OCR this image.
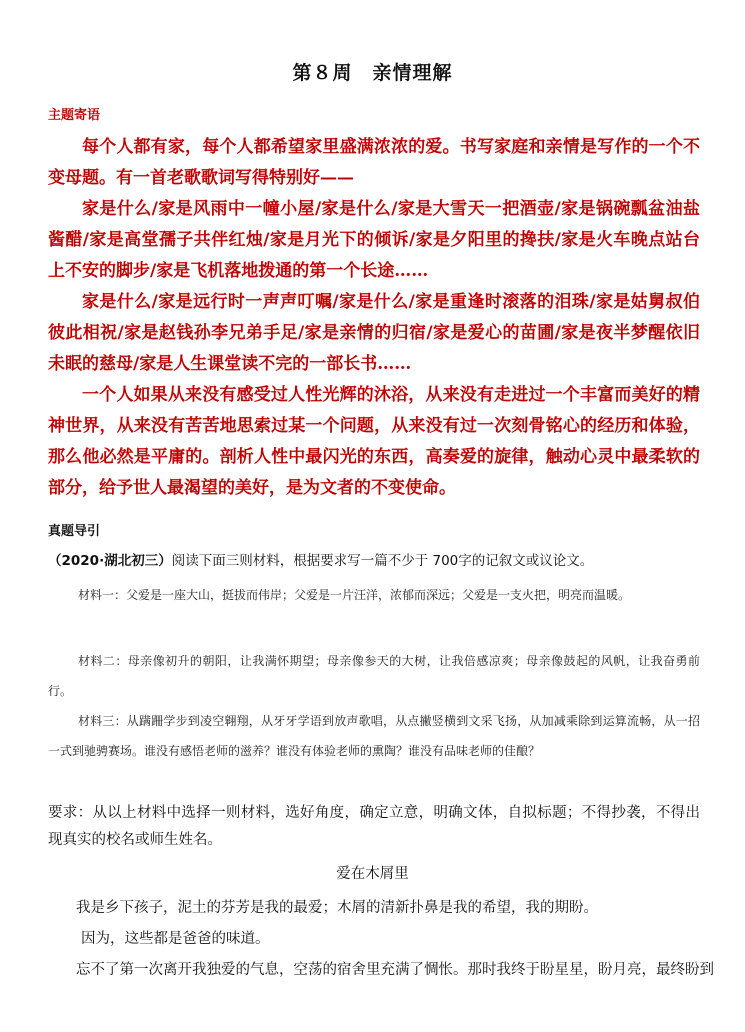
第８周　亲情理解
主题寄语

每个人都有家，每个人都希望家里盛满浓浓的爱。书写家庭和亲情是写作的一个不变母题。有一首老歌歌词写得特别好——

家是什么/家是风雨中一幢小屋/家是什么/家是大雪天一把酒壶/家是锅碗瓢盆油盐酱醋/家是高堂孺子共伴红烛/家是月光下的倾诉/家是夕阳里的搀扶/家是火车晚点站台上不安的脚步/家是飞机落地拨通的第一个长途……

家是什么/家是远行时一声声叮嘱/家是什么/家是重逢时滚落的泪珠/家是姑舅叔伯彼此相祝/家是赵钱孙李兄弟手足/家是亲情的归宿/家是爱心的苗圃/家是夜半梦醒依旧未眠的慈母/家是人生课堂读不完的一部长书……

一个人如果从来没有感受过人性光辉的沐浴，从来没有走进过一个丰富而美好的精神世界，从来没有苦苦地思索过某一个问题，从来没有过一次刻骨铭心的经历和体验，那么他必然是平庸的。剖析人性中最闪光的东西，高奏爱的旋律，触动心灵中最柔软的部分，给予世人最渴望的美好，是为文者的不变使命。

真题导引
（2020·湖北初三）阅读下面三则材料，根据要求写一篇不少于 700字的记叙文或议论文。
材料一：父爱是一座大山，挺拔而伟岸；父爱是一片汪洋，浓郁而深远；父爱是一支火把，明亮而温暖。
材料二：母亲像初升的朝阳，让我满怀期望；母亲像参天的大树，让我倍感凉爽；母亲像鼓起的风帆，让我奋勇前行。
材料三：从蹒跚学步到凌空翱翔，从牙牙学语到放声歌唱，从点撇竖横到文采飞扬，从加减乘除到运算流畅，从一招一式到驰骋赛场。谁没有感悟老师的滋养？谁没有体验老师的熏陶？谁没有品味老师的佳酿？
要求：从以上材料中选择一则材料，选好角度，确定立意，明确文体，自拟标题；不得抄袭，不得出现真实的校名或师生姓名。
爱在木屑里
我是乡下孩子，泥土的芬芳是我的最爱；木屑的清新扑鼻是我的希望，我的期盼。
因为，这些都是爸爸的味道。
忘不了第一次离开我独爱的气息，空荡的宿舍里充满了惆怅。那时我终于盼星星，盼月亮，最终盼到
